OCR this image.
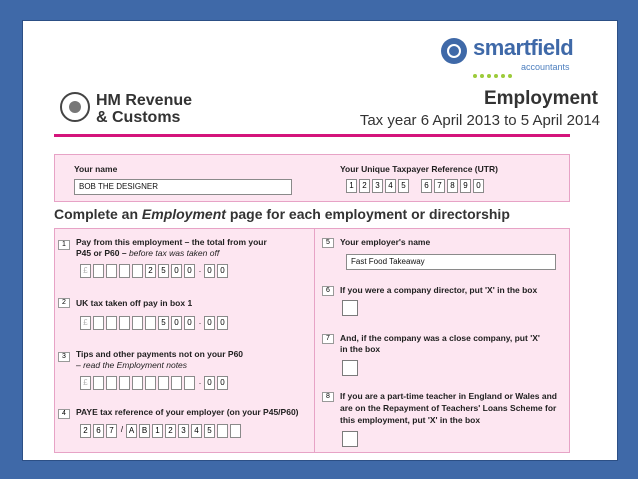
smartfield
accountants
HM Revenue
& Customs
Employment
Tax year 6 April 2013 to 5 April 2014
Your name
BOB THE DESIGNER
Your Unique Taxpayer Reference (UTR)
1	2	3	4	5	6	7	8	9	0
Complete an Employment page for each employment or directorship
1	Pay from this employment – the total from your
P45 or P60 – before tax was taken off
£	2	5	0	0 . 0	0
2	UK tax taken off pay in box 1
£	5	0	0 . 0	0
3	Tips and other payments not on your P60
– read the Employment notes
£	. 0	0
4	PAYE tax reference of your employer (on your P45/P60)
2	6	7 / A B	1	2	3	4	5
5	Your employer's name
Fast Food Takeaway
6	If you were a company director, put 'X' in the box
7	And, if the company was a close company, put 'X'
in the box
8	If you are a part-time teacher in England or Wales and
are on the Repayment of Teachers' Loans Scheme for
this employment, put 'X' in the box
